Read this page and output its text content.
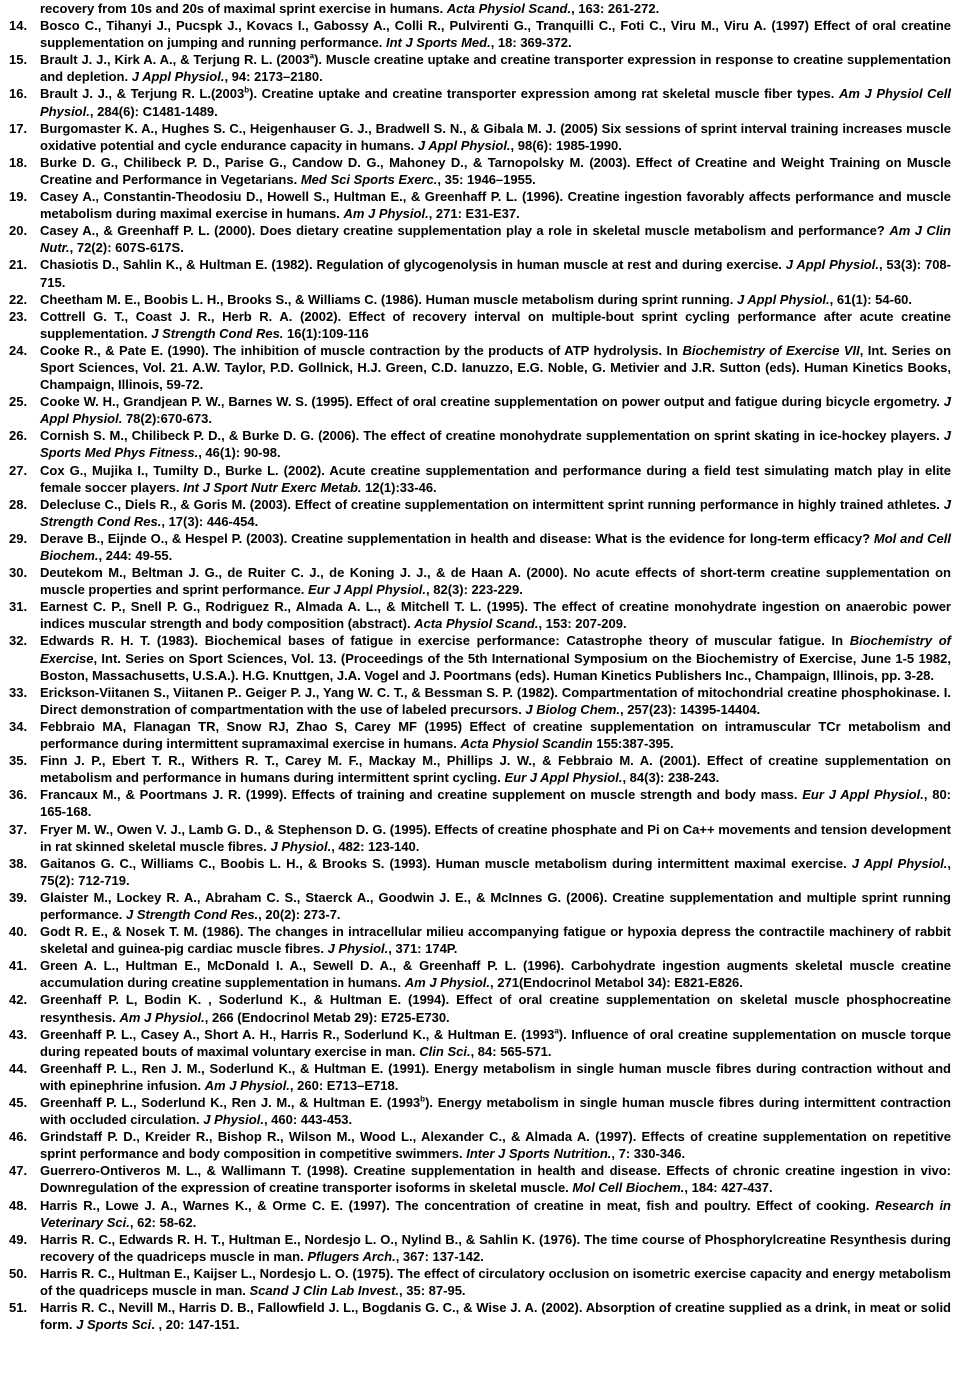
recovery from 10s and 20s of maximal sprint exercise in humans. Acta Physiol Scand., 163: 261-272.

14. Bosco C., Tihanyi J., Pucspk J., Kovacs I., Gabossy A., Colli R., Pulvirenti G., Tranquilli C., Foti C., Viru M., Viru A. (1997) Effect of oral creatine supplementation on jumping and running performance. Int J Sports Med., 18: 369-372.

15. Brault J. J., Kirk A. A., & Terjung R. L. (2003$^a$). Muscle creatine uptake and creatine transporter expression in response to creatine supplementation and depletion. J Appl Physiol., 94: 2173–2180.

16. Brault J. J., & Terjung R. L.(2003$^b$). Creatine uptake and creatine transporter expression among rat skeletal muscle fiber types. Am J Physiol Cell Physiol., 284(6): C1481-1489.

17. Burgomaster K. A., Hughes S. C., Heigenhauser G. J., Bradwell S. N., & Gibala M. J. (2005) Six sessions of sprint interval training increases muscle oxidative potential and cycle endurance capacity in humans. J Appl Physiol., 98(6): 1985-1990.

18. Burke D. G., Chilibeck P. D., Parise G., Candow D. G., Mahoney D., & Tarnopolsky M. (2003). Effect of Creatine and Weight Training on Muscle Creatine and Performance in Vegetarians. Med Sci Sports Exerc., 35: 1946–1955.

19. Casey A., Constantin-Theodosiu D., Howell S., Hultman E., & Greenhaff P. L. (1996). Creatine ingestion favorably affects performance and muscle metabolism during maximal exercise in humans. Am J Physiol., 271: E31-E37.

20. Casey A., & Greenhaff P. L. (2000). Does dietary creatine supplementation play a role in skeletal muscle metabolism and performance? Am J Clin Nutr., 72(2): 607S-617S.

21. Chasiotis D., Sahlin K., & Hultman E. (1982). Regulation of glycogenolysis in human muscle at rest and during exercise. J Appl Physiol., 53(3): 708-715.

22. Cheetham M. E., Boobis L. H., Brooks S., & Williams C. (1986). Human muscle metabolism during sprint running. J Appl Physiol., 61(1): 54-60.

23. Cottrell G. T., Coast J. R., Herb R. A. (2002). Effect of recovery interval on multiple-bout sprint cycling performance after acute creatine supplementation. J Strength Cond Res. 16(1):109-116

24. Cooke R., & Pate E. (1990). The inhibition of muscle contraction by the products of ATP hydrolysis. In Biochemistry of Exercise VII, Int. Series on Sport Sciences, Vol. 21. A.W. Taylor, P.D. Gollnick, H.J. Green, C.D. Ianuzzo, E.G. Noble, G. Metivier and J.R. Sutton (eds). Human Kinetics Books, Champaign, Illinois, 59-72.

25. Cooke W. H., Grandjean P. W., Barnes W. S. (1995). Effect of oral creatine supplementation on power output and fatigue during bicycle ergometry. J Appl Physiol. 78(2):670-673.

26. Cornish S. M., Chilibeck P. D., & Burke D. G. (2006). The effect of creatine monohydrate supplementation on sprint skating in ice-hockey players. J Sports Med Phys Fitness., 46(1): 90-98.

27. Cox G., Mujika I., Tumilty D., Burke L. (2002). Acute creatine supplementation and performance during a field test simulating match play in elite female soccer players. Int J Sport Nutr Exerc Metab. 12(1):33-46.

28. Delecluse C., Diels R., & Goris M. (2003). Effect of creatine supplementation on intermittent sprint running performance in highly trained athletes. J Strength Cond Res., 17(3): 446-454.

29. Derave B., Eijnde O., & Hespel P. (2003). Creatine supplementation in health and disease: What is the evidence for long-term efficacy? Mol and Cell Biochem., 244: 49-55.

30. Deutekom M., Beltman J. G., de Ruiter C. J., de Koning J. J., & de Haan A. (2000). No acute effects of short-term creatine supplementation on muscle properties and sprint performance. Eur J Appl Physiol., 82(3): 223-229.

31. Earnest C. P., Snell P. G., Rodriguez R., Almada A. L., & Mitchell T. L. (1995). The effect of creatine monohydrate ingestion on anaerobic power indices muscular strength and body composition (abstract). Acta Physiol Scand., 153: 207-209.

32. Edwards R. H. T. (1983). Biochemical bases of fatigue in exercise performance: Catastrophe theory of muscular fatigue. In Biochemistry of Exercise, Int. Series on Sport Sciences, Vol. 13. (Proceedings of the 5th International Symposium on the Biochemistry of Exercise, June 1-5 1982, Boston, Massachusetts, U.S.A.). H.G. Knuttgen, J.A. Vogel and J. Poortmans (eds). Human Kinetics Publishers Inc., Champaign, Illinois, pp. 3-28.

33. Erickson-Viitanen S., Viitanen P.. Geiger P. J., Yang W. C. T., & Bessman S. P. (1982). Compartmentation of mitochondrial creatine phosphokinase. I. Direct demonstration of compartmentation with the use of labeled precursors. J Biolog Chem., 257(23): 14395-14404.

34. Febbraio MA, Flanagan TR, Snow RJ, Zhao S, Carey MF (1995) Effect of creatine supplementation on intramuscular TCr metabolism and performance during intermittent supramaximal exercise in humans. Acta Physiol Scandin 155:387-395.

35. Finn J. P., Ebert T. R., Withers R. T., Carey M. F., Mackay M., Phillips J. W., & Febbraio M. A. (2001). Effect of creatine supplementation on metabolism and performance in humans during intermittent sprint cycling. Eur J Appl Physiol., 84(3): 238-243.

36. Francaux M., & Poortmans J. R. (1999). Effects of training and creatine supplement on muscle strength and body mass. Eur J Appl Physiol., 80: 165-168.

37. Fryer M. W., Owen V. J., Lamb G. D., & Stephenson D. G. (1995). Effects of creatine phosphate and Pi on Ca++ movements and tension development in rat skinned skeletal muscle fibres. J Physiol., 482: 123-140.

38. Gaitanos G. C., Williams C., Boobis L. H., & Brooks S. (1993). Human muscle metabolism during intermittent maximal exercise. J Appl Physiol., 75(2): 712-719.

39. Glaister M., Lockey R. A., Abraham C. S., Staerck A., Goodwin J. E., & McInnes G. (2006). Creatine supplementation and multiple sprint running performance. J Strength Cond Res., 20(2): 273-7.

40. Godt R. E., & Nosek T. M. (1986). The changes in intracellular milieu accompanying fatigue or hypoxia depress the contractile machinery of rabbit skeletal and guinea-pig cardiac muscle fibres. J Physiol., 371: 174P.

41. Green A. L., Hultman E., McDonald I. A., Sewell D. A., & Greenhaff P. L. (1996). Carbohydrate ingestion augments skeletal muscle creatine accumulation during creatine supplementation in humans. Am J Physiol., 271(Endocrinol Metabol 34): E821-E826.

42. Greenhaff P. L, Bodin K. , Soderlund K., & Hultman E. (1994). Effect of oral creatine supplementation on skeletal muscle phosphocreatine resynthesis. Am J Physiol., 266 (Endocrinol Metab 29): E725-E730.

43. Greenhaff P. L., Casey A., Short A. H., Harris R., Soderlund K., & Hultman E. (1993$^a$). Influence of oral creatine supplementation on muscle torque during repeated bouts of maximal voluntary exercise in man. Clin Sci., 84: 565-571.

44. Greenhaff P. L., Ren J. M., Soderlund K., & Hultman E. (1991). Energy metabolism in single human muscle fibres during contraction without and with epinephrine infusion. Am J Physiol., 260: E713–E718.

45. Greenhaff P. L., Soderlund K., Ren J. M., & Hultman E. (1993$^b$). Energy metabolism in single human muscle fibres during intermittent contraction with occluded circulation. J Physiol., 460: 443-453.

46. Grindstaff P. D., Kreider R., Bishop R., Wilson M., Wood L., Alexander C., & Almada A. (1997). Effects of creatine supplementation on repetitive sprint performance and body composition in competitive swimmers. Inter J Sports Nutrition., 7: 330-346.

47. Guerrero-Ontiveros M. L., & Wallimann T. (1998). Creatine supplementation in health and disease. Effects of chronic creatine ingestion in vivo: Downregulation of the expression of creatine transporter isoforms in skeletal muscle. Mol Cell Biochem., 184: 427-437.

48. Harris R., Lowe J. A., Warnes K., & Orme C. E. (1997). The concentration of creatine in meat, fish and poultry. Effect of cooking. Research in Veterinary Sci., 62: 58-62.

49. Harris R. C., Edwards R. H. T., Hultman E., Nordesjo L. O., Nylind B., & Sahlin K. (1976). The time course of Phosphorylcreatine Resynthesis during recovery of the quadriceps muscle in man. Pflugers Arch., 367: 137-142.

50. Harris R. C., Hultman E., Kaijser L., Nordesjo L. O. (1975). The effect of circulatory occlusion on isometric exercise capacity and energy metabolism of the quadriceps muscle in man. Scand J Clin Lab Invest., 35: 87-95.

51. Harris R. C., Nevill M., Harris D. B., Fallowfield J. L., Bogdanis G. C., & Wise J. A. (2002). Absorption of creatine supplied as a drink, in meat or solid form. J Sports Sci. , 20: 147-151.
